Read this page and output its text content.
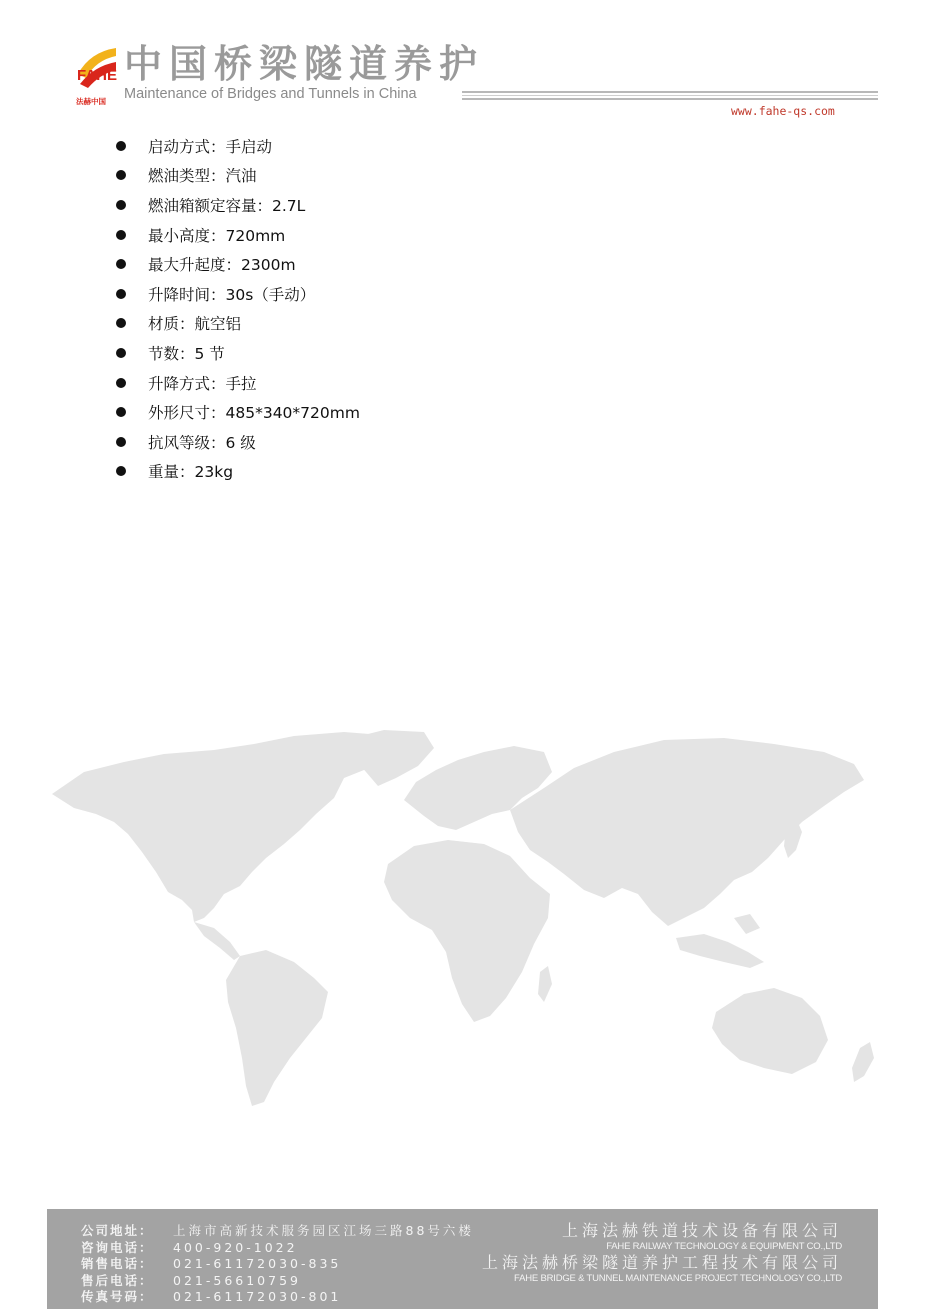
FAHE
法赫中国
中国桥梁隧道养护
Maintenance of Bridges and Tunnels in China
www.fahe-qs.com
启动方式：手启动
燃油类型：汽油
燃油箱额定容量：2.7L
最小高度：720mm
最大升起度：2300m
升降时间：30s（手动）
材质：航空铝
节数：5 节
升降方式：手拉
外形尺寸：485*340*720mm
抗风等级：6 级
重量：23kg
公司地址： 上海市高新技术服务园区江场三路88号六楼
咨询电话： 400-920-1022
销售电话： 021-61172030-835
售后电话： 021-56610759
传真号码： 021-61172030-801
上海法赫铁道技术设备有限公司
FAHE RAILWAY TECHNOLOGY & EQUIPMENT CO.,LTD
上海法赫桥梁隧道养护工程技术有限公司
FAHE BRIDGE & TUNNEL MAINTENANCE PROJECT TECHNOLOGY CO.,LTD
